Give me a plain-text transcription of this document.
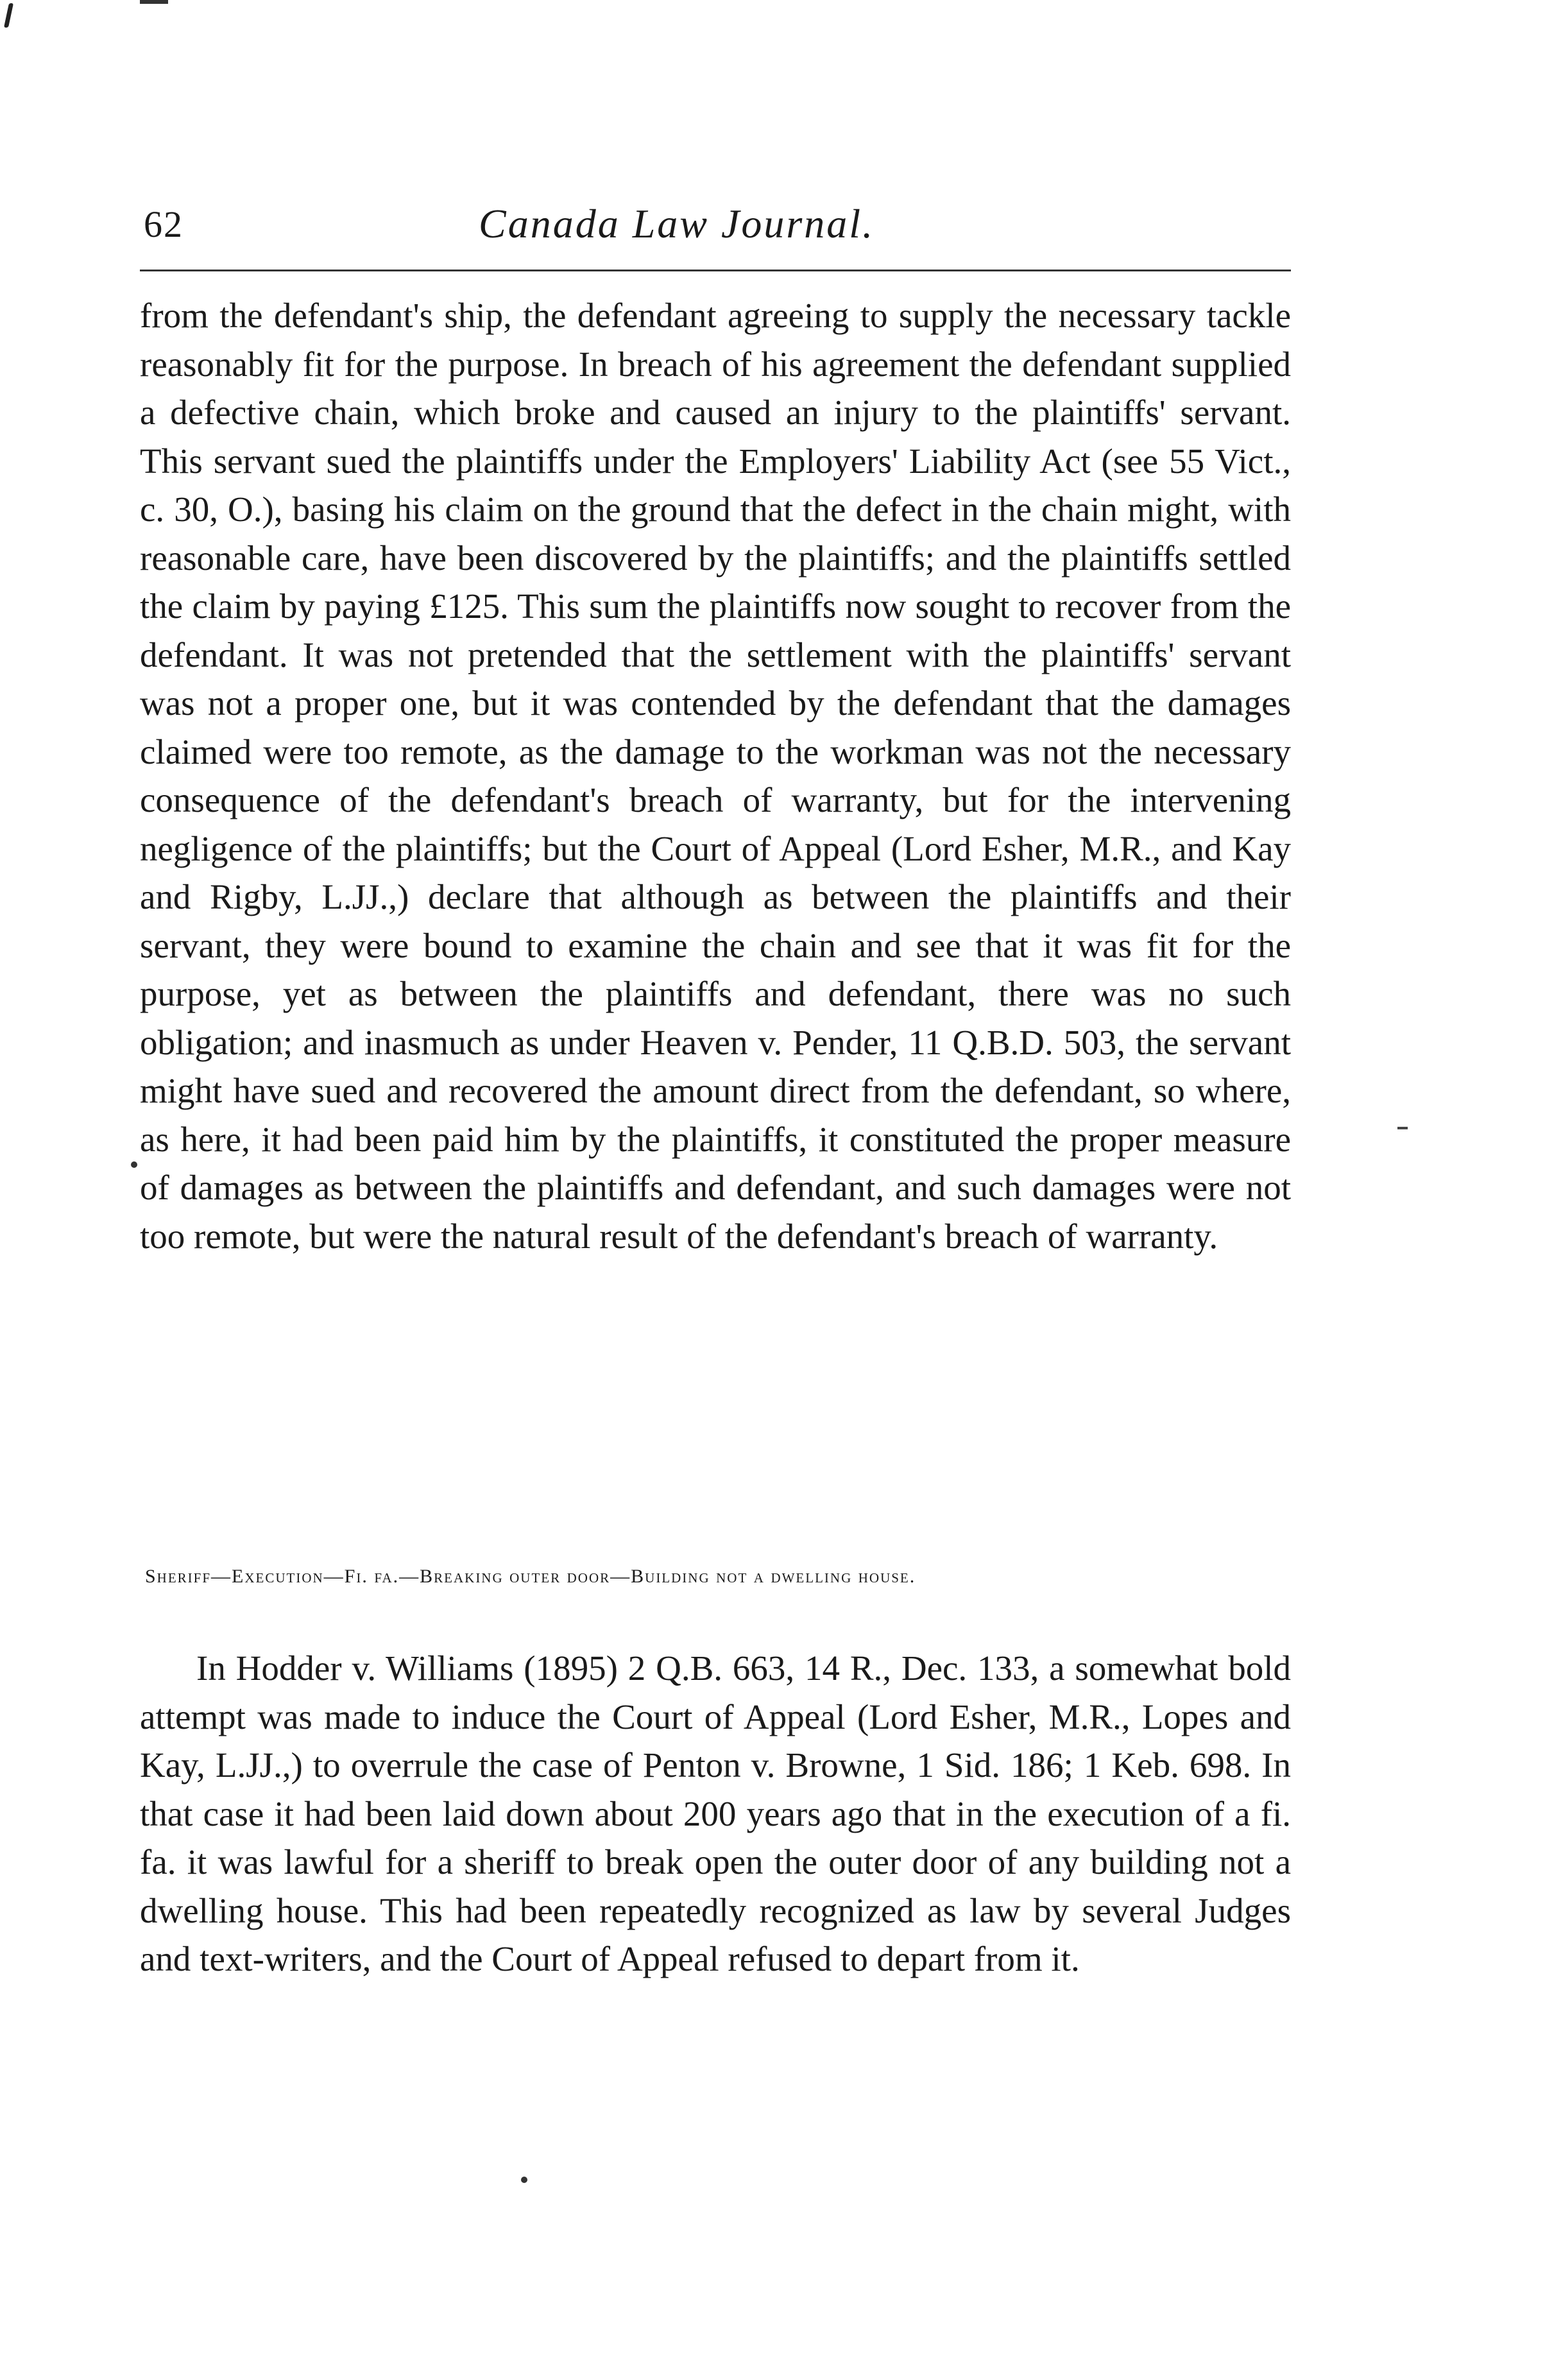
62	Canada Law Journal.

from the defendant's ship, the defendant agreeing to supply the necessary tackle reasonably fit for the purpose. In breach of his agreement the defendant supplied a defective chain, which broke and caused an injury to the plaintiffs' servant. This servant sued the plaintiffs under the Employers' Liability Act (see 55 Vict., c. 30, O.), basing his claim on the ground that the defect in the chain might, with reasonable care, have been discovered by the plaintiffs; and the plaintiffs settled the claim by paying £125. This sum the plaintiffs now sought to recover from the defendant. It was not pretended that the settlement with the plaintiffs' servant was not a proper one, but it was contended by the defendant that the damages claimed were too remote, as the damage to the workman was not the necessary consequence of the defendant's breach of warranty, but for the intervening negligence of the plaintiffs; but the Court of Appeal (Lord Esher, M.R., and Kay and Rigby, L.JJ.,) declare that although as between the plaintiffs and their servant, they were bound to examine the chain and see that it was fit for the purpose, yet as between the plaintiffs and defendant, there was no such obligation; and inasmuch as under Heaven v. Pender, 11 Q.B.D. 503, the servant might have sued and recovered the amount direct from the defendant, so where, as here, it had been paid him by the plaintiffs, it constituted the proper measure of damages as between the plaintiffs and defendant, and such damages were not too remote, but were the natural result of the defendant's breach of warranty.

Sheriff—Execution—Fi. fa.—Breaking outer door—Building not a dwelling house.

In Hodder v. Williams (1895) 2 Q.B. 663, 14 R., Dec. 133, a somewhat bold attempt was made to induce the Court of Appeal (Lord Esher, M.R., Lopes and Kay, L.JJ.,) to overrule the case of Penton v. Browne, 1 Sid. 186; 1 Keb. 698. In that case it had been laid down about 200 years ago that in the execution of a fi. fa. it was lawful for a sheriff to break open the outer door of any building not a dwelling house. This had been repeatedly recognized as law by several Judges and text-writers, and the Court of Appeal refused to depart from it.
